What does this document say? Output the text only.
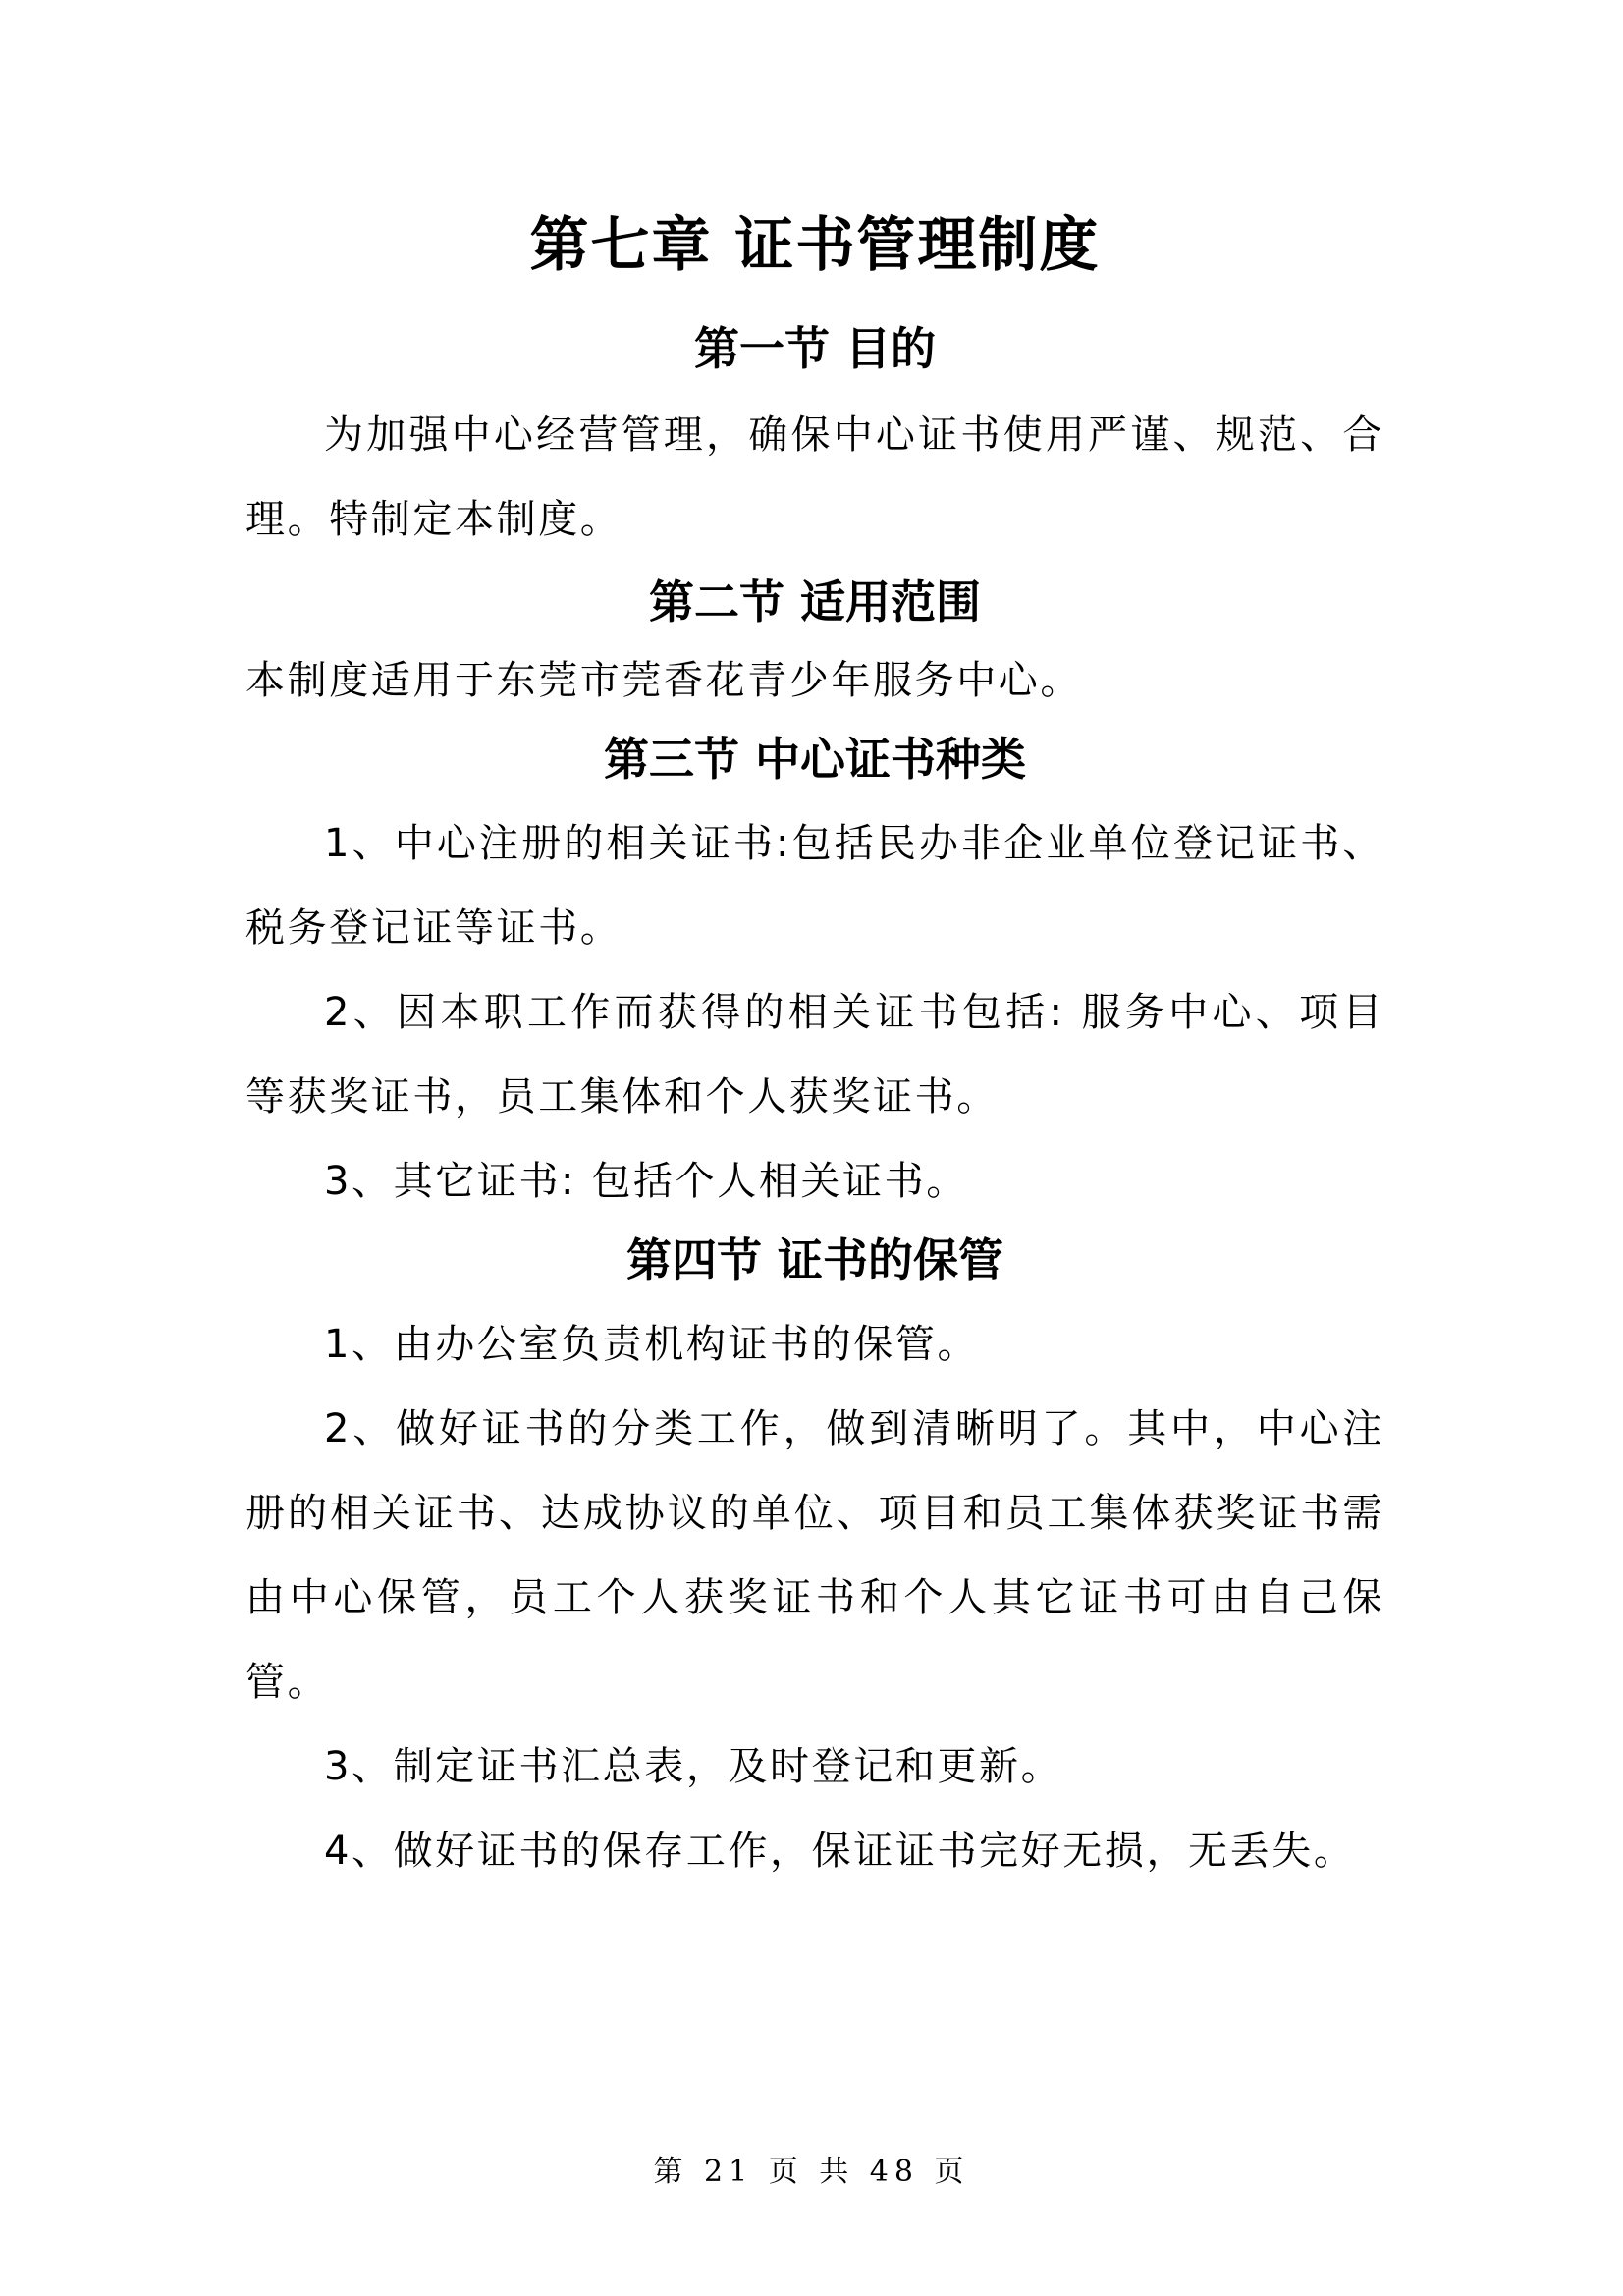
第七章 证书管理制度
第一节 目的

为加强中心经营管理，确保中心证书使用严谨、规范、合理。特制定本制度。

第二节 适用范围

本制度适用于东莞市莞香花青少年服务中心。

第三节 中心证书种类

1、中心注册的相关证书:包括民办非企业单位登记证书、税务登记证等证书。

2、因本职工作而获得的相关证书包括: 服务中心、项目等获奖证书，员工集体和个人获奖证书。

3、其它证书: 包括个人相关证书。

第四节 证书的保管

1、由办公室负责机构证书的保管。

2、做好证书的分类工作，做到清晰明了。其中，中心注册的相关证书、达成协议的单位、项目和员工集体获奖证书需由中心保管，员工个人获奖证书和个人其它证书可由自己保管。

3、制定证书汇总表，及时登记和更新。

4、做好证书的保存工作，保证证书完好无损，无丢失。

第 21 页 共 48 页
